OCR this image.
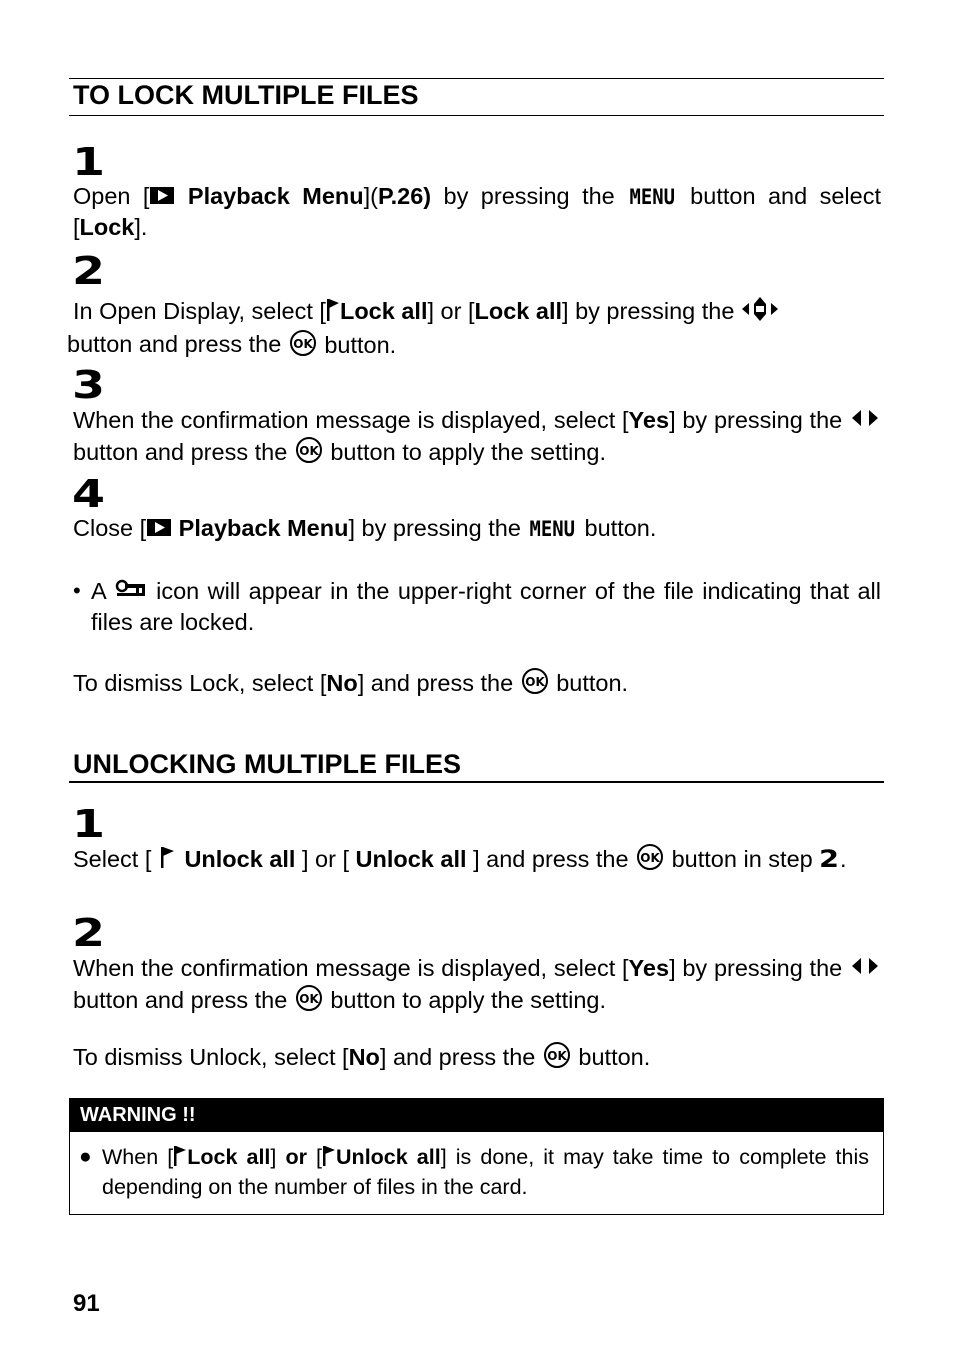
TO LOCK MULTIPLE FILES
1
Open [ Playback Menu](P.26) by pressing the MENU button and select [Lock].
2
In Open Display, select [ Lock all] or [Lock all] by pressing the
button and press the OK button.
3
When the confirmation message is displayed, select [Yes] by pressing the  button and press the OK button to apply the setting.
4
Close [ Playback Menu] by pressing the MENU button.
• A  icon will appear in the upper-right corner of the file indicating that all files are locked.
To dismiss Lock, select [No] and press the OK button.
UNLOCKING MULTIPLE FILES
1
Select [  Unlock all ] or [ Unlock all ] and press the OK button in step 2.
2
When the confirmation message is displayed, select [Yes] by pressing the  button and press the OK button to apply the setting.
To dismiss Unlock, select [No] and press the OK button.
WARNING !!
● When [ Lock all] or [ Unlock all] is done, it may take time to complete this depending on the number of files in the card.
91
